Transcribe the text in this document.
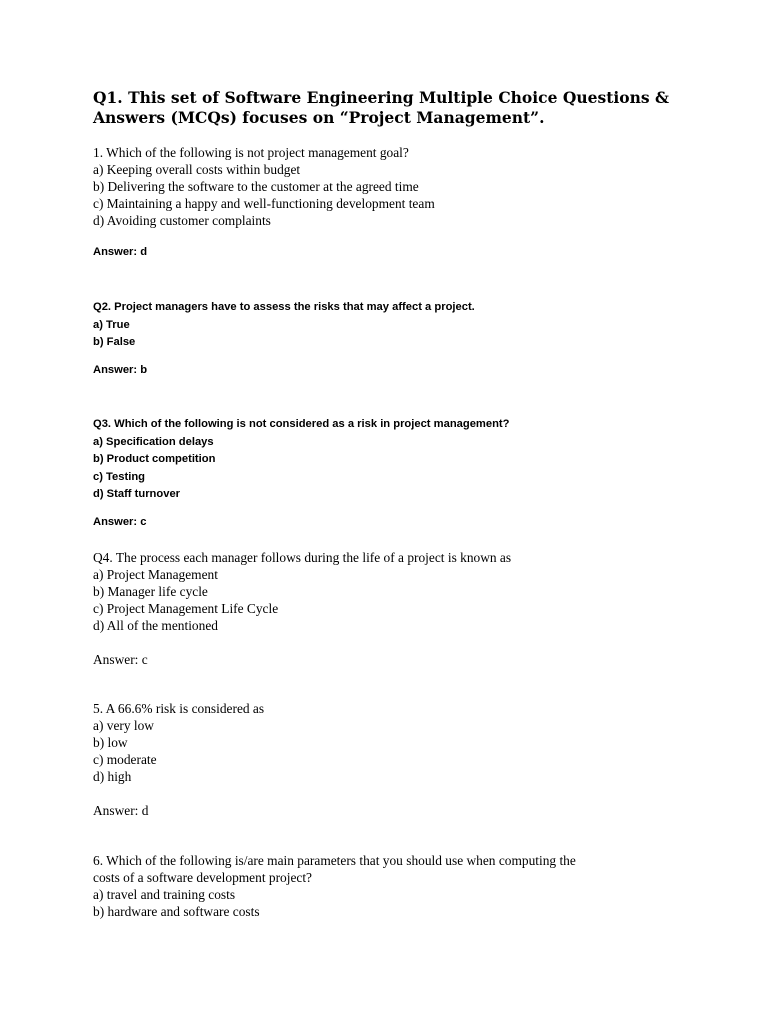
Q1. This set of Software Engineering Multiple Choice Questions & Answers (MCQs) focuses on “Project Management”.
1. Which of the following is not project management goal?
a) Keeping overall costs within budget
b) Delivering the software to the customer at the agreed time
c) Maintaining a happy and well-functioning development team
d) Avoiding customer complaints
Answer: d
Q2. Project managers have to assess the risks that may affect a project.
a) True
b) False
Answer: b
Q3. Which of the following is not considered as a risk in project management?
a) Specification delays
b) Product competition
c) Testing
d) Staff turnover
Answer: c
Q4. The process each manager follows during the life of a project is known as
a) Project Management
b) Manager life cycle
c) Project Management Life Cycle
d) All of the mentioned
Answer: c
5. A 66.6% risk is considered as
a) very low
b) low
c) moderate
d) high
Answer: d
6. Which of the following is/are main parameters that you should use when computing the
costs of a software development project?
a) travel and training costs
b) hardware and software costs
